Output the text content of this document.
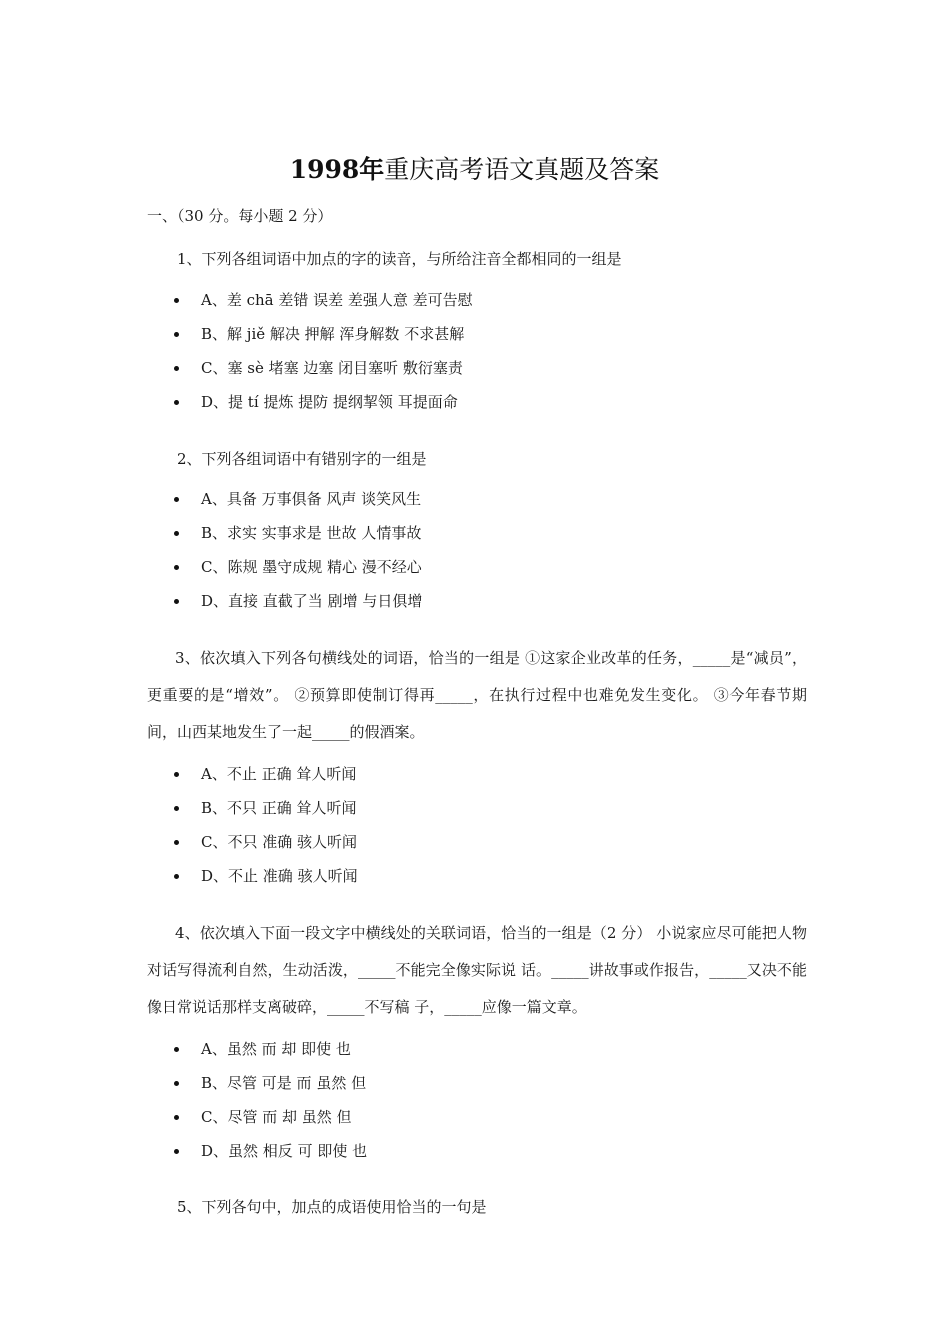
1998年重庆高考语文真题及答案
一、（30 分。每小题 2 分）
1、下列各组词语中加点的字的读音，与所给注音全都相同的一组是
A、差 chā 差错 误差 差强人意 差可告慰
B、解 jiě 解决 押解 浑身解数 不求甚解
C、塞 sè 堵塞 边塞 闭目塞听 敷衍塞责
D、提 tí 提炼 提防 提纲挈领 耳提面命
2、下列各组词语中有错别字的一组是
A、具备 万事俱备 风声 谈笑风生
B、求实 实事求是 世故 人情事故
C、陈规 墨守成规 精心 漫不经心
D、直接 直截了当 剧增 与日俱增
3、依次填入下列各句横线处的词语，恰当的一组是 ①这家企业改革的任务，_____是“减员”，更重要的是“增效”。 ②预算即使制订得再_____，在执行过程中也难免发生变化。 ③今年春节期间，山西某地发生了一起_____的假酒案。
A、不止 正确 耸人听闻
B、不只 正确 耸人听闻
C、不只 准确 骇人听闻
D、不止 准确 骇人听闻
4、依次填入下面一段文字中横线处的关联词语，恰当的一组是（2 分） 小说家应尽可能把人物对话写得流利自然，生动活泼，_____不能完全像实际说 话。_____讲故事或作报告，_____又决不能像日常说话那样支离破碎，_____不写稿 子，_____应像一篇文章。
A、虽然 而 却 即使 也
B、尽管 可是 而 虽然 但
C、尽管 而 却 虽然 但
D、虽然 相反 可 即使 也
5、下列各句中，加点的成语使用恰当的一句是
